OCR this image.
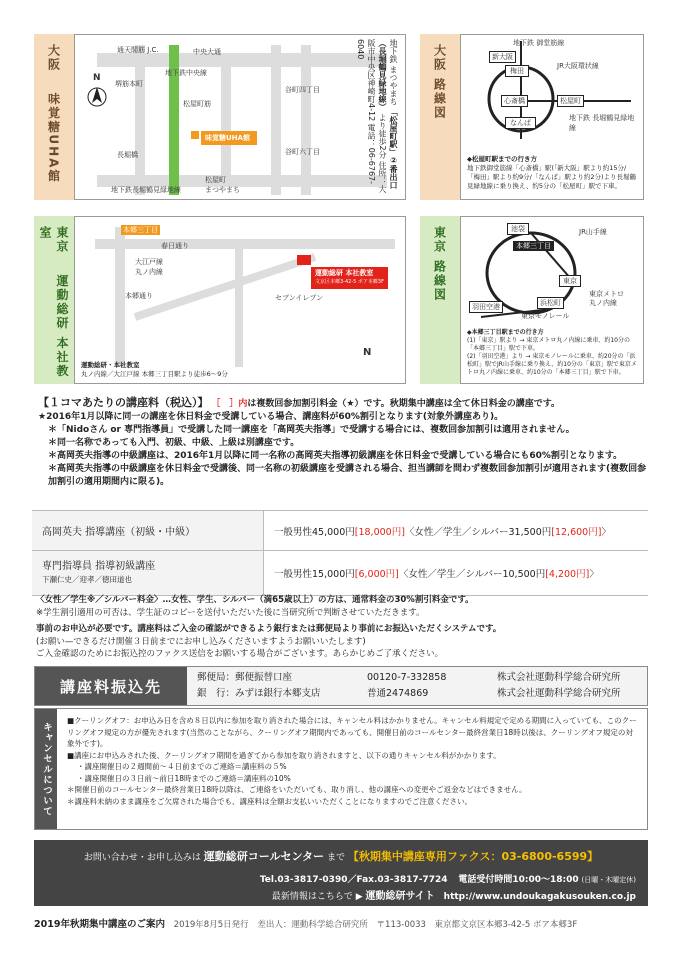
大阪  味覚糖UHA館
通天閣筋 J.C.	中央大通
地下鉄中央線
堺筋本町
長堀橋
地下鉄長堀鶴見緑地線
松屋町筋
谷町四丁目
谷町六丁目
味覚糖UHA館
松屋町
まつやまち
N
地下鉄 まつやまち 「松屋町駅」②番出口（長堀鶴見緑地線） より徒歩2分 住所：大阪市中央区神崎町4-12 電話：06-6767-6040	大阪 路線図
地下鉄 御堂筋線
新大阪
梅田
JR大阪環状線
心斎橋	松屋町
なんば
地下鉄 長堀鶴見緑地線
◆松屋町駅までの行き方
地下鉄御堂筋線「心斎橋」駅(「新大阪」駅より約15分/「梅田」駅より約9分/「なんば」駅より約2分)より長堀鶴見緑地線に乗り換え、約5分の「松屋町」駅で下車。
東京  運動総研 本社教室
春日通り
本郷三丁目
大江戸線
丸ノ内線
本郷通り	セブンイレブン
運動総研 本社教室
文京区本郷3-42-5 ボア本郷3F
N
運動総研・本社教室
丸ノ内線／大江戸線 本郷三丁目駅より徒歩6～9分
東京 路線図	池袋	JR山手線
本郷三丁目
東京
浜松町
羽田空港
東京モノレール
東京メトロ
丸ノ内線
◆本郷三丁目駅までの行き方
(1)「東京」駅より → 東京メトロ丸ノ内線に乗車、約10分の「本郷三丁目」駅で下車。
(2)「羽田空港」より → 東京モノレールに乗車、約20分の「浜松町」駅でJR山手線に乗り換え、約10分の「東京」駅で東京メトロ丸ノ内線に乗車、約10分の「本郷三丁目」駅で下車。
【１コマあたりの講座料（税込）】 ［　］内は複数回参加割引料金（★）です。秋期集中講座は全て休日料金の講座です。
★2016年1月以降に同一の講座を休日料金で受講している場合、講座料が60%割引となります(対象外講座あり)。
＊「Nidoさん or 専門指導員」で受講した同一講座を「高岡英夫指導」で受講する場合には、複数回参加割引は適用されません。
＊同一名称であっても入門、初級、中級、上級は別講座です。
＊高岡英夫指導の中級講座は、2016年1月以降に同一名称の高岡英夫指導初級講座を休日料金で受講している場合にも60%割引となります。
＊高岡英夫指導の中級講座を休日料金で受講後、同一名称の初級講座を受講される場合、担当講師を問わず複数回参加割引が適用されます(複数回参加割引の適用期間内に限る)。
高岡英夫 指導講座（初級・中級）	一般男性45,000円 [18,000円] 〈女性／学生／シルバー31,500円 [12,600円] 〉
専門指導員 指導初級講座
下瀬仁史／迎孝／徳田道也	一般男性15,000円 [6,000円] 〈女性／学生／シルバー10,500円 [4,200円] 〉
〈女性／学生※／シルバー料金〉…女性、学生、シルバー（満65歳以上）の方は、通常料金の30%割引料金です。
※学生割引適用の可否は、学生証のコピーを送付いただいた後に当研究所で判断させていただきます。
事前のお申込が必要です。講座料はご入金の確認ができるよう銀行または郵便局より事前にお振込いただくシステムです。
(お願い—できるだけ開催３日前までにお申し込みくださいますようお願いいたします)
ご入金確認のためにお振込控のファクス送信をお願いする場合がございます。あらかじめご了承ください。
講座料振込先	郵便局：郵便振替口座	00120-7-332858	株式会社運動科学総合研究所
銀　行：みずほ銀行本郷支店	普通2474869	株式会社運動科学総合研究所
キャンセルについて
■クーリングオフ：お申込み日を含め８日以内に参加を取り消された場合には、キャンセル料はかかりません。キャンセル料規定で定める期間に入っていても、このクーリングオフ規定の方が優先されます(当然のことながら、クーリングオフ期間内であっても、開催日前のコールセンター最終営業日18時以後は、クーリングオフ規定の対象外です)。
■講座にお申込みされた後、クーリングオフ期間を過ぎてから参加を取り消されますと、以下の通りキャンセル料がかかります。
・講座開催日の２週間前～４日前までのご連絡＝講座料の５%
・講座開催日の３日前～前日18時までのご連絡＝講座料の10%
＊開催日前のコールセンター最終営業日18時以降は、ご連絡をいただいても、取り消し、他の講座への変更やご返金などはできません。
＊講座料未納のまま講座をご欠席された場合でも、講座料は全額お支払いいただくことになりますのでご注意ください。
お問い合わせ・お申し込みは 運動総研コールセンター まで 【秋期集中講座専用ファクス：03-6800-6599】
Tel.03-3817-0390／Fax.03-3817-7724 電話受付時間10:00～18:00 (日曜・木曜定休)
最新情報はこちらで ▶ 運動総研サイト http://www.undoukagakusouken.co.jp
2019年秋期集中講座のご案内 2019年8月5日発行 差出人：運動科学総合研究所 〒113-0033　東京都文京区本郷3-42-5 ボア本郷3F
